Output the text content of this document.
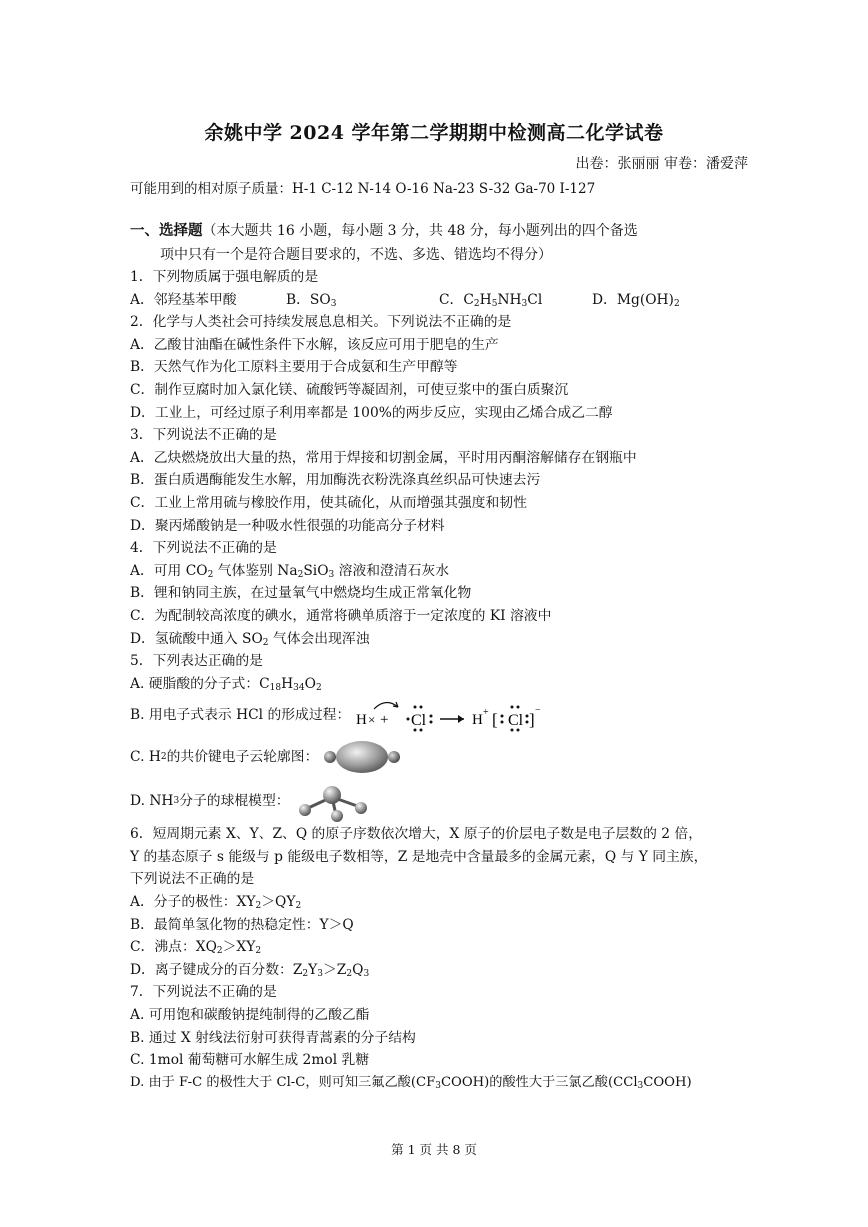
余姚中学 2024 学年第二学期期中检测高二化学试卷
出卷：张丽丽 审卷：潘爱萍
可能用到的相对原子质量：H-1 C-12 N-14 O-16 Na-23 S-32 Ga-70 I-127
一、选择题（本大题共 16 小题，每小题 3 分，共 48 分，每小题列出的四个备选
项中只有一个是符合题目要求的，不选、多选、错选均不得分）
1．下列物质属于强电解质的是
A．邻羟基苯甲酸	B．$SO_3$	C．$C_2H_5NH_3Cl$	D．$Mg(OH)_2$
2．化学与人类社会可持续发展息息相关。下列说法不正确的是
A．乙酸甘油酯在碱性条件下水解，该反应可用于肥皂的生产
B．天然气作为化工原料主要用于合成氨和生产甲醇等
C．制作豆腐时加入氯化镁、硫酸钙等凝固剂，可使豆浆中的蛋白质聚沉
D．工业上，可经过原子利用率都是 100%的两步反应，实现由乙烯合成乙二醇
3．下列说法不正确的是
A．乙炔燃烧放出大量的热，常用于焊接和切割金属，平时用丙酮溶解储存在钢瓶中
B．蛋白质遇酶能发生水解，用加酶洗衣粉洗涤真丝织品可快速去污
C．工业上常用硫与橡胶作用，使其硫化，从而增强其强度和韧性
D．聚丙烯酸钠是一种吸水性很强的功能高分子材料
4．下列说法不正确的是
A．可用 $CO_2$ 气体鉴别 $Na_2SiO_3$ 溶液和澄清石灰水
B．锂和钠同主族，在过量氧气中燃烧均生成正常氧化物
C．为配制较高浓度的碘水，通常将碘单质溶于一定浓度的 KI 溶液中
D．氢硫酸中通入 $SO_2$ 气体会出现浑浊
5．下列表达正确的是
A. 硬脂酸的分子式：$C_{18}H_{34}O_2$
B. 用电子式表示 HCl 的形成过程： H × + Cl	H + [ Cl ] −
C. H 2 的共价键电子云轮廓图：
D. NH 3 分子的球棍模型：
6．短周期元素 X、Y、Z、Q 的原子序数依次增大，X 原子的价层电子数是电子层数的 2 倍，
Y 的基态原子 s 能级与 p 能级电子数相等，Z 是地壳中含量最多的金属元素，Q 与 Y 同主族，
下列说法不正确的是
A．分子的极性：$XY_2>QY_2$
B．最简单氢化物的热稳定性：Y＞Q
C．沸点：$XQ_2>XY_2$
D．离子键成分的百分数：$Z_2Y_3>Z_2Q_3$
7．下列说法不正确的是
A. 可用饱和碳酸钠提纯制得的乙酸乙酯
B. 通过 X 射线法衍射可获得青蒿素的分子结构
C. 1mol 葡萄糖可水解生成 2mol 乳糖
D. 由于 F-C 的极性大于 Cl-C，则可知三氟乙酸$(CF_3COOH)$的酸性大于三氯乙酸(CCl$_3$COOH)
第 1 页 共 8 页
